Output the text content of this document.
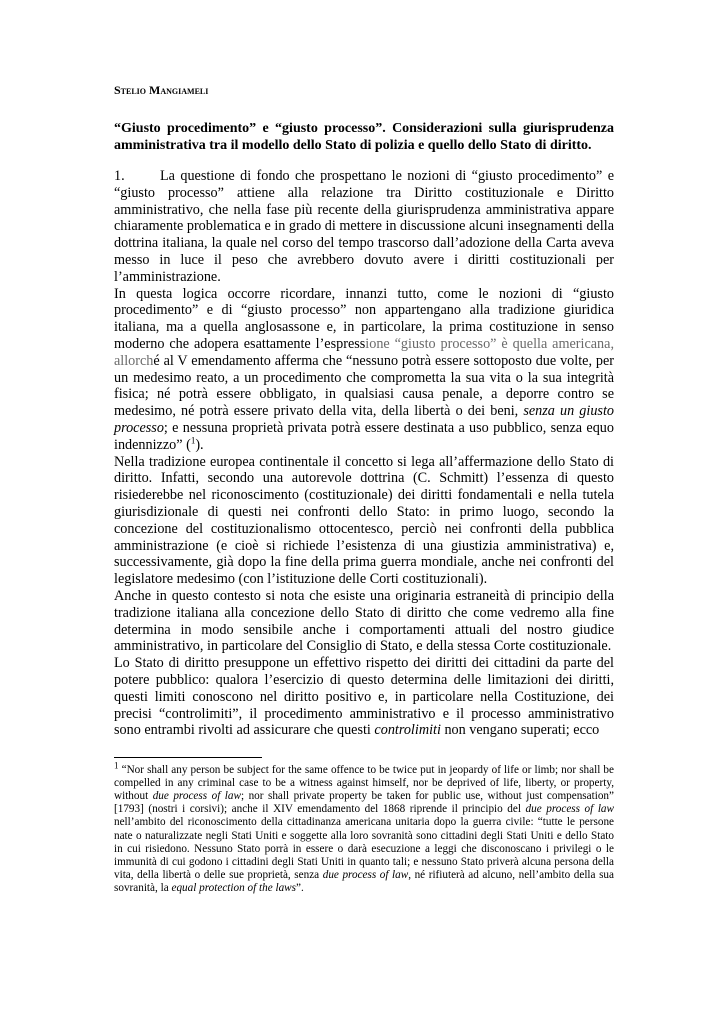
Stelio Mangiameli
“Giusto procedimento” e “giusto processo”. Considerazioni sulla giurisprudenza amministrativa tra il modello dello Stato di polizia e quello dello Stato di diritto.

1. La questione di fondo che prospettano le nozioni di “giusto procedimento” e “giusto processo” attiene alla relazione tra Diritto costituzionale e Diritto amministrativo, che nella fase più recente della giurisprudenza amministrativa appare chiaramente problematica e in grado di mettere in discussione alcuni insegnamenti della dottrina italiana, la quale nel corso del tempo trascorso dall’adozione della Carta aveva messo in luce il peso che avrebbero dovuto avere i diritti costituzionali per l’amministrazione.

In questa logica occorre ricordare, innanzi tutto, come le nozioni di “giusto procedimento” e di “giusto processo” non appartengano alla tradizione giuridica italiana, ma a quella anglosassone e, in particolare, la prima costituzione in senso moderno che adopera esattamente l’espressione “giusto processo” è quella americana, allorché al V emendamento afferma che “nessuno potrà essere sottoposto due volte, per un medesimo reato, a un procedimento che comprometta la sua vita o la sua integrità fisica; né potrà essere obbligato, in qualsiasi causa penale, a deporre contro se medesimo, né potrà essere privato della vita, della libertà o dei beni, senza un giusto processo; e nessuna proprietà privata potrà essere destinata a uso pubblico, senza equo indennizzo” ($^1$).

Nella tradizione europea continentale il concetto si lega all’affermazione dello Stato di diritto. Infatti, secondo una autorevole dottrina (C. Schmitt) l’essenza di questo risiederebbe nel riconoscimento (costituzionale) dei diritti fondamentali e nella tutela giurisdizionale di questi nei confronti dello Stato: in primo luogo, secondo la concezione del costituzionalismo ottocentesco, perciò nei confronti della pubblica amministrazione (e cioè si richiede l’esistenza di una giustizia amministrativa) e, successivamente, già dopo la fine della prima guerra mondiale, anche nei confronti del legislatore medesimo (con l’istituzione delle Corti costituzionali).

Anche in questo contesto si nota che esiste una originaria estraneità di principio della tradizione italiana alla concezione dello Stato di diritto che come vedremo alla fine determina in modo sensibile anche i comportamenti attuali del nostro giudice amministrativo, in particolare del Consiglio di Stato, e della stessa Corte costituzionale.

Lo Stato di diritto presuppone un effettivo rispetto dei diritti dei cittadini da parte del potere pubblico: qualora l’esercizio di questo determina delle limitazioni dei diritti, questi limiti conoscono nel diritto positivo e, in particolare nella Costituzione, dei precisi “controlimiti”, il procedimento amministrativo e il processo amministrativo sono entrambi rivolti ad assicurare che questi controlimiti non vengano superati; ecco

$^1$ “Nor shall any person be subject for the same offence to be twice put in jeopardy of life or limb; nor shall be compelled in any criminal case to be a witness against himself, nor be deprived of life, liberty, or property, without due process of law; nor shall private property be taken for public use, without just compensation” [1793] (nostri i corsivi); anche il XIV emendamento del 1868 riprende il principio del due process of law nell’ambito del riconoscimento della cittadinanza americana unitaria dopo la guerra civile: “tutte le persone nate o naturalizzate negli Stati Uniti e soggette alla loro sovranità sono cittadini degli Stati Uniti e dello Stato in cui risiedono. Nessuno Stato porrà in essere o darà esecuzione a leggi che disconoscano i privilegi o le immunità di cui godono i cittadini degli Stati Uniti in quanto tali; e nessuno Stato priverà alcuna persona della vita, della libertà o delle sue proprietà, senza due process of law, né rifiuterà ad alcuno, nell’ambito della sua sovranità, la equal protection of the laws”.
